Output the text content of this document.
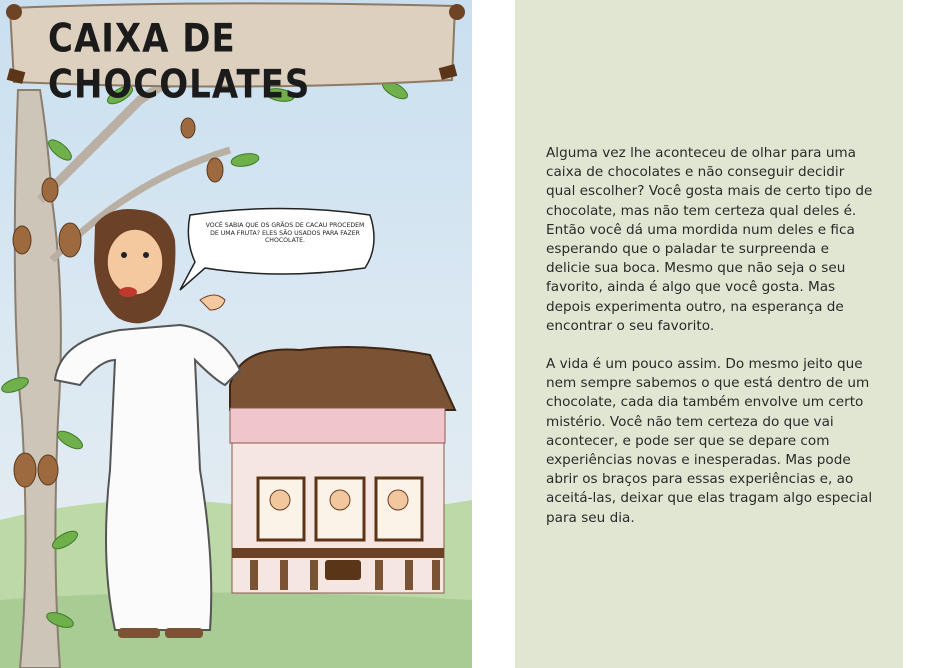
CAIXA DE CHOCOLATES
VOCÊ SABIA QUE OS GRÃOS DE CACAU PROCEDEM DE UMA FRUTA? ELES SÃO USADOS PARA FAZER CHOCOLATE.

Alguma vez lhe aconteceu de olhar para uma caixa de chocolates e não conseguir decidir qual escolher? Você gosta mais de certo tipo de chocolate, mas não tem certeza qual deles é. Então você dá uma mordida num deles e fica esperando que o paladar te surpreenda e delicie sua boca. Mesmo que não seja o seu favorito, ainda é algo que você gosta. Mas depois experimenta outro, na esperança de encontrar o seu favorito.

A vida é um pouco assim. Do mesmo jeito que nem sempre sabemos o que está dentro de um chocolate, cada dia também envolve um certo mistério. Você não tem certeza do que vai acontecer, e pode ser que se depare com experiências novas e inesperadas. Mas pode abrir os braços para essas experiências e, ao aceitá-las, deixar que elas tragam algo especial para seu dia.
